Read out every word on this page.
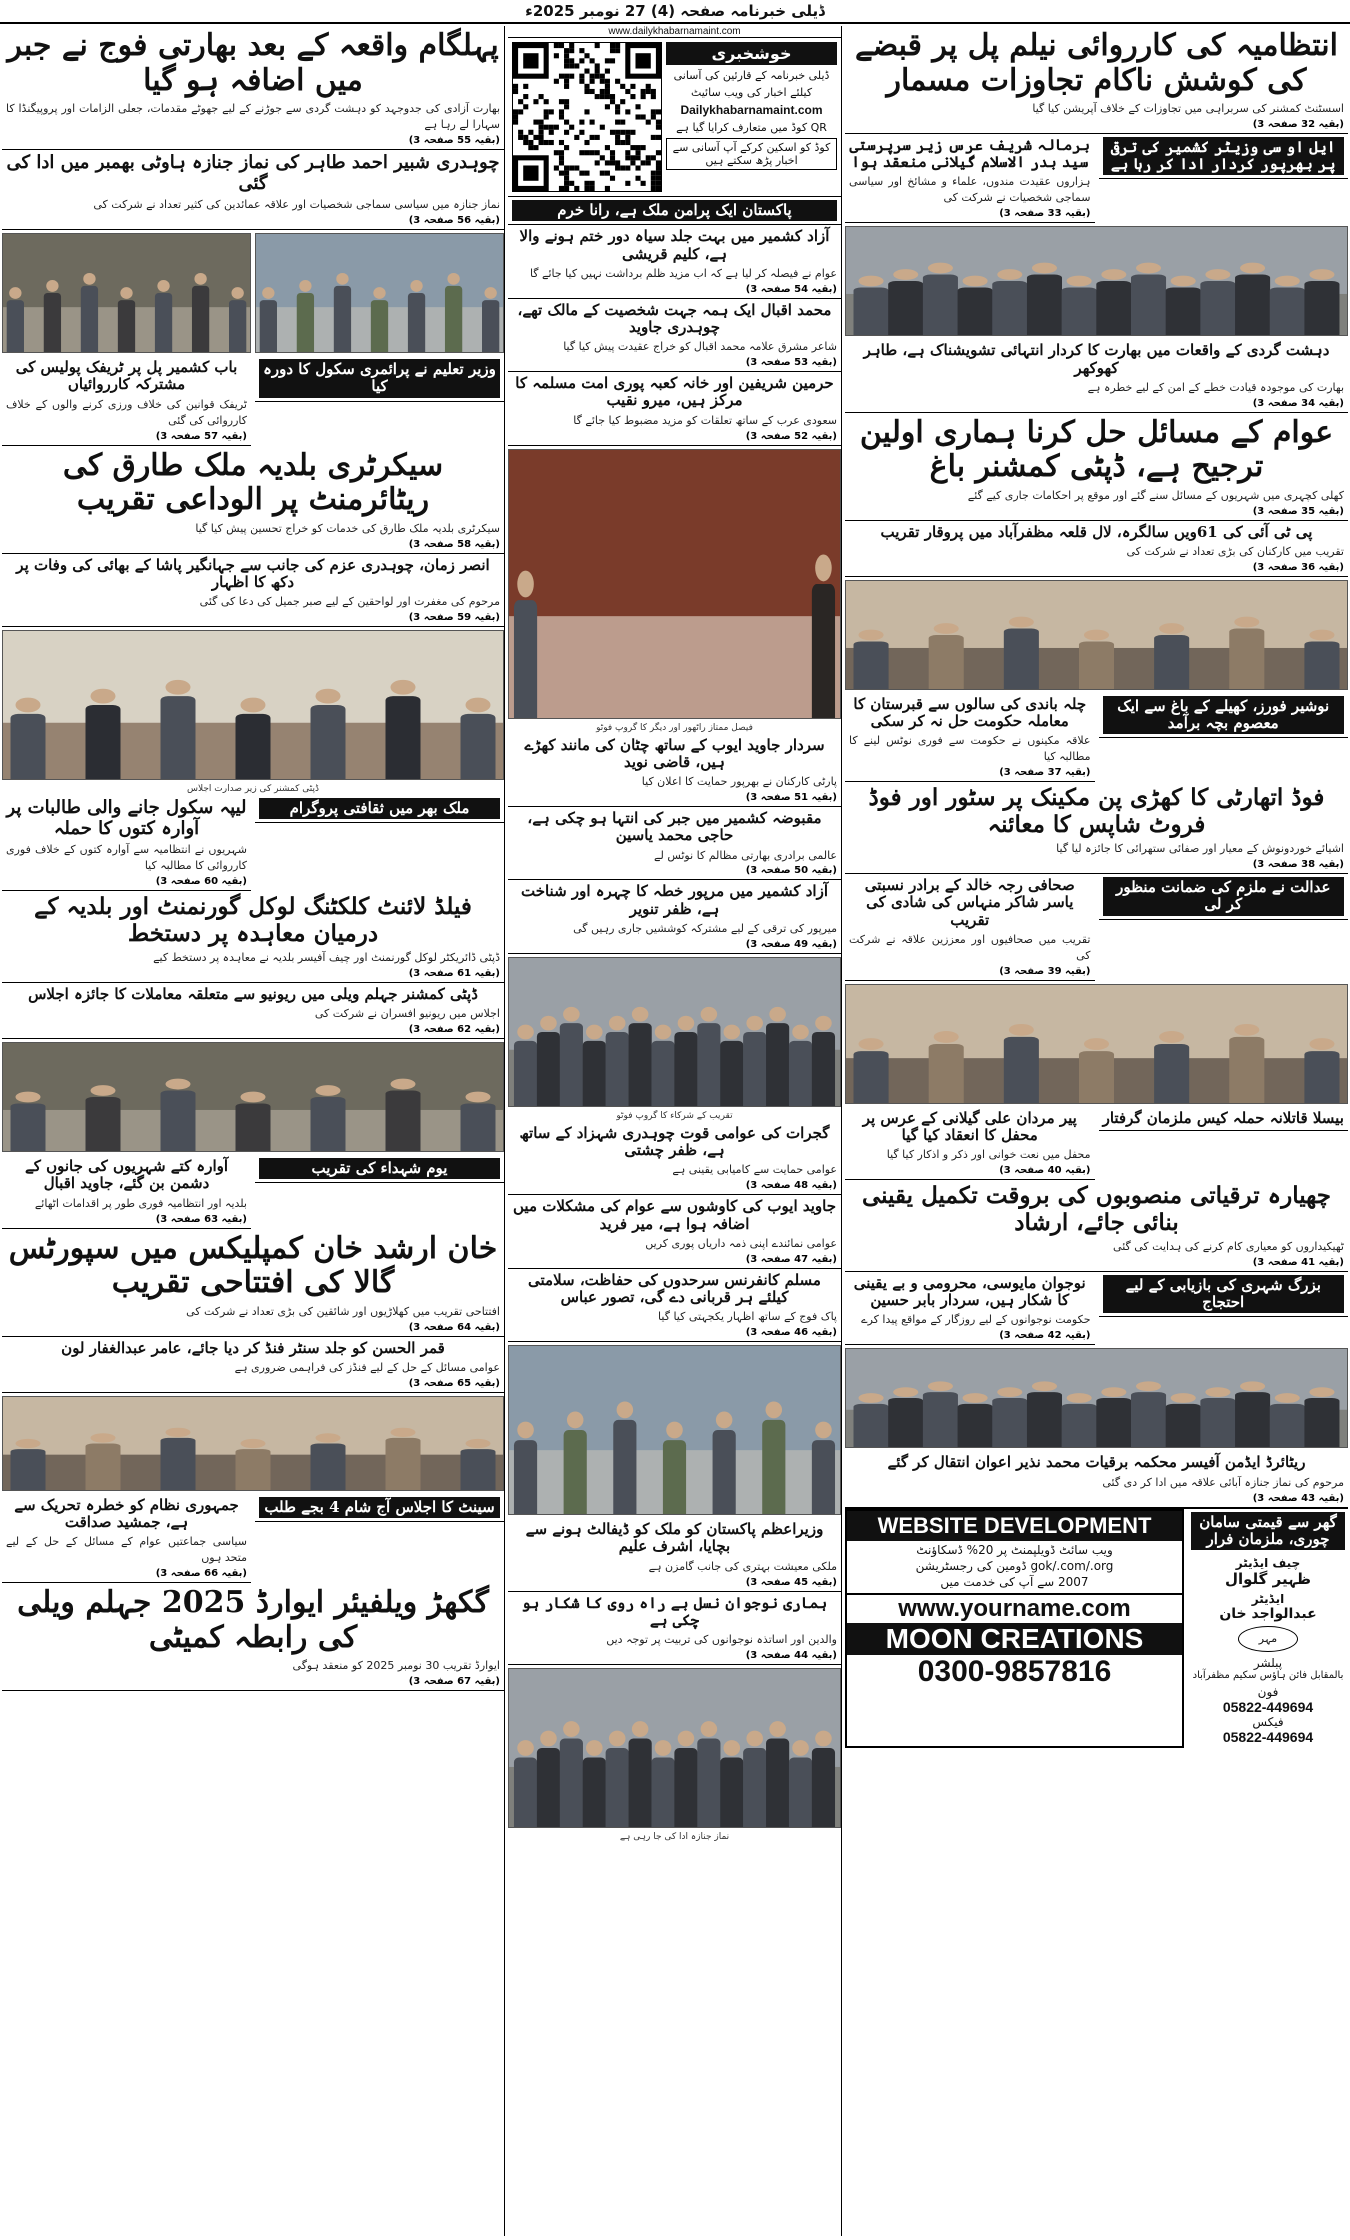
ڈیلی خبرنامہ صفحہ (4) 27 نومبر 2025ء
پہلگام واقعہ کے بعد بھارتی فوج نے جبر میں اضافہ ہو گیا
بھارت آزادی کی جدوجہد کو دہشت گردی سے جوڑنے کے لیے جھوٹے مقدمات، جعلی الزامات اور پروپیگنڈا کا سہارا لے رہا ہے
(بقیہ 55 صفحہ 3)
چوہدری شبیر احمد طاہر کی نماز جنازہ ہاوٹی بھمبر میں ادا کی گئی
نماز جنازہ میں سیاسی سماجی شخصیات اور علاقہ عمائدین کی کثیر تعداد نے شرکت کی
(بقیہ 56 صفحہ 3)
باب کشمیر پل پر ٹریفک پولیس کی مشترکہ کارروائیاں
ٹریفک قوانین کی خلاف ورزی کرنے والوں کے خلاف کارروائی کی گئی
(بقیہ 57 صفحہ 3)
وزیر تعلیم نے پرائمری سکول کا دورہ کیا
سیکرٹری بلدیہ ملک طارق کی ریٹائرمنٹ پر الوداعی تقریب
سیکرٹری بلدیہ ملک طارق کی خدمات کو خراج تحسین پیش کیا گیا
(بقیہ 58 صفحہ 3)
انصر زمان، چوہدری عزم کی جانب سے جہانگیر پاشا کے بھائی کی وفات پر دکھ کا اظہار
مرحوم کی مغفرت اور لواحقین کے لیے صبر جمیل کی دعا کی گئی
(بقیہ 59 صفحہ 3)
ڈپٹی کمشنر کی زیر صدارت اجلاس
لیپہ سکول جانے والی طالبات پر آوارہ کتوں کا حملہ
شہریوں نے انتظامیہ سے آوارہ کتوں کے خلاف فوری کارروائی کا مطالبہ کیا
(بقیہ 60 صفحہ 3)
ملک بھر میں ثقافتی پروگرام
فیلڈ لائنٹ کلکٹنگ لوکل گورنمنٹ اور بلدیہ کے درمیان معاہدہ پر دستخط
ڈپٹی ڈائریکٹر لوکل گورنمنٹ اور چیف آفیسر بلدیہ نے معاہدہ پر دستخط کیے
(بقیہ 61 صفحہ 3)
ڈپٹی کمشنر جہلم ویلی میں ریونیو سے متعلقہ معاملات کا جائزہ اجلاس
اجلاس میں ریونیو افسران نے شرکت کی
(بقیہ 62 صفحہ 3)
آوارہ کتے شہریوں کی جانوں کے دشمن بن گئے، جاوید اقبال
بلدیہ اور انتظامیہ فوری طور پر اقدامات اٹھائے
(بقیہ 63 صفحہ 3)
یوم شہداء کی تقریب
خان ارشد خان کمپلیکس میں سپورٹس گالا کی افتتاحی تقریب
افتتاحی تقریب میں کھلاڑیوں اور شائقین کی بڑی تعداد نے شرکت کی
(بقیہ 64 صفحہ 3)
قمر الحسن کو جلد سنٹر فنڈ کر دیا جائے، عامر عبدالغفار لون
عوامی مسائل کے حل کے لیے فنڈز کی فراہمی ضروری ہے
(بقیہ 65 صفحہ 3)
جمہوری نظام کو خطرہ تحریک سے ہے، جمشید صداقت
سیاسی جماعتیں عوام کے مسائل کے حل کے لیے متحد ہوں
(بقیہ 66 صفحہ 3)
سینٹ کا اجلاس آج شام 4 بجے طلب
گکھڑ ویلفیئر ایوارڈ 2025 جہلم ویلی کی رابطہ کمیٹی
ایوارڈ تقریب 30 نومبر 2025 کو منعقد ہوگی
(بقیہ 67 صفحہ 3)
www.dailykhabarnamaint.com
خوشخبری
ڈیلی خبرنامہ کے قارئین کی آسانی
کیلئے اخبار کی ویب سائیٹ
Dailykhabarnamaint.com
QR کوڈ میں متعارف کرایا گیا ہے
کوڈ کو اسکین کرکے آپ آسانی سے اخبار پڑھ سکتے ہیں
پاکستان ایک پرامن ملک ہے، رانا خرم
آزاد کشمیر میں بہت جلد سیاہ دور ختم ہونے والا ہے، کلیم قریشی
عوام نے فیصلہ کر لیا ہے کہ اب مزید ظلم برداشت نہیں کیا جائے گا
(بقیہ 54 صفحہ 3)
محمد اقبال ایک ہمہ جہت شخصیت کے مالک تھے، چوہدری جاوید
شاعر مشرق علامہ محمد اقبال کو خراج عقیدت پیش کیا گیا
(بقیہ 53 صفحہ 3)
حرمین شریفین اور خانہ کعبہ پوری امت مسلمہ کا مرکز ہیں، میرو نقیب
سعودی عرب کے ساتھ تعلقات کو مزید مضبوط کیا جائے گا
(بقیہ 52 صفحہ 3)
فیصل ممتاز راٹھور اور دیگر کا گروپ فوٹو
سردار جاوید ایوب کے ساتھ چٹان کی مانند کھڑے ہیں، قاضی نوید
پارٹی کارکنان نے بھرپور حمایت کا اعلان کیا
(بقیہ 51 صفحہ 3)
مقبوضہ کشمیر میں جبر کی انتہا ہو چکی ہے، حاجی محمد یاسین
عالمی برادری بھارتی مظالم کا نوٹس لے
(بقیہ 50 صفحہ 3)
آزاد کشمیر میں مرپور خطہ کا چہرہ اور شناخت ہے، ظفر تنویر
میرپور کی ترقی کے لیے مشترکہ کوششیں جاری رہیں گی
(بقیہ 49 صفحہ 3)
تقریب کے شرکاء کا گروپ فوٹو
گجرات کی عوامی قوت چوہدری شہزاد کے ساتھ ہے، ظفر چشتی
عوامی حمایت سے کامیابی یقینی ہے
(بقیہ 48 صفحہ 3)
جاوید ایوب کی کاوشوں سے عوام کی مشکلات میں اضافہ ہوا ہے، میر فرید
عوامی نمائندے اپنی ذمہ داریاں پوری کریں
(بقیہ 47 صفحہ 3)
مسلم کانفرنس سرحدوں کی حفاظت، سلامتی کیلئے ہر قربانی دے گی، تصور عباس
پاک فوج کے ساتھ اظہار یکجہتی کیا گیا
(بقیہ 46 صفحہ 3)
وزیراعظم پاکستان کو ملک کو ڈیفالٹ ہونے سے بچایا، اشرف علیم
ملکی معیشت بہتری کی جانب گامزن ہے
(بقیہ 45 صفحہ 3)
ہماری نوجوان نسل بے راہ روی کا شکار ہو چکی ہے
والدین اور اساتذہ نوجوانوں کی تربیت پر توجہ دیں
(بقیہ 44 صفحہ 3)
نماز جنازہ ادا کی جا رہی ہے
انتظامیہ کی کارروائی نیلم پل پر قبضے کی کوشش ناکام تجاوزات مسمار
اسسٹنٹ کمشنر کی سربراہی میں تجاوزات کے خلاف آپریشن کیا گیا
(بقیہ 32 صفحہ 3)
برمالہ شریف عرس زیر سرپرستی سید بدر الاسلام گیلانی منعقد ہوا
ہزاروں عقیدت مندوں، علماء و مشائخ اور سیاسی سماجی شخصیات نے شرکت کی
(بقیہ 33 صفحہ 3)
ایل او سی وزیٹر کشمیر کی ترقی پر بھرپور کردار ادا کر رہا ہے
دہشت گردی کے واقعات میں بھارت کا کردار انتہائی تشویشناک ہے، طاہر کھوکھر
بھارت کی موجودہ قیادت خطے کے امن کے لیے خطرہ ہے
(بقیہ 34 صفحہ 3)
عوام کے مسائل حل کرنا ہماری اولین ترجیح ہے، ڈپٹی کمشنر باغ
کھلی کچہری میں شہریوں کے مسائل سنے گئے اور موقع پر احکامات جاری کیے گئے
(بقیہ 35 صفحہ 3)
پی ٹی آئی کی 61ویں سالگرہ، لال قلعہ مظفرآباد میں پروقار تقریب
تقریب میں کارکنان کی بڑی تعداد نے شرکت کی
(بقیہ 36 صفحہ 3)
چلہ باندی کی سالوں سے قبرستان کا معاملہ حکومت حل نہ کر سکی
علاقہ مکینوں نے حکومت سے فوری نوٹس لینے کا مطالبہ کیا
(بقیہ 37 صفحہ 3)
نوشیر فورز، کھیلے کے باغ سے ایک معصوم بچہ برآمد
فوڈ اتھارٹی کا کھڑی پن مکینک پر سٹور اور فوڈ فروٹ شاپس کا معائنہ
اشیائے خوردونوش کے معیار اور صفائی ستھرائی کا جائزہ لیا گیا
(بقیہ 38 صفحہ 3)
صحافی رجہ خالد کے برادر نسبتی یاسر شاکر منہاس کی شادی کی تقریب
تقریب میں صحافیوں اور معززین علاقہ نے شرکت کی
(بقیہ 39 صفحہ 3)
عدالت نے ملزم کی ضمانت منظور کر لی
پیر مردان علی گیلانی کے عرس پر محفل کا انعقاد کیا گیا
محفل میں نعت خوانی اور ذکر و اذکار کیا گیا
(بقیہ 40 صفحہ 3)
بیسلا قاتلانہ حملہ کیس ملزمان گرفتار
چھیارہ ترقیاتی منصوبوں کی بروقت تکمیل یقینی بنائی جائے، ارشاد
ٹھیکیداروں کو معیاری کام کرنے کی ہدایت کی گئی
(بقیہ 41 صفحہ 3)
نوجوان مایوسی، محرومی و بے یقینی کا شکار ہیں، سردار بابر حسین
حکومت نوجوانوں کے لیے روزگار کے مواقع پیدا کرے
(بقیہ 42 صفحہ 3)
بزرگ شہری کی بازیابی کے لیے احتجاج
ریٹائرڈ ایڈمن آفیسر محکمہ برقیات محمد نذیر اعوان انتقال کر گئے
مرحوم کی نماز جنازہ آبائی علاقہ میں ادا کر دی گئی
(بقیہ 43 صفحہ 3)
WEBSITE DEVELOPMENT
ویب سائٹ ڈویلپمنٹ پر 20% ڈسکاؤنٹ
gok/.com/.org ڈومین کی رجسٹریشن
2007 سے آپ کی خدمت میں
www.yourname.com
MOON CREATIONS
0300-9857816
گھر سے قیمتی سامان چوری، ملزمان فرار
چیف ایڈیٹر
ظہیر گلوال
ایڈیٹر
عبدالواجد خان
مہر
پبلشر
بالمقابل فائن ہاؤس سکیم مظفرآباد
فون
05822-449694
فیکس
05822-449694
